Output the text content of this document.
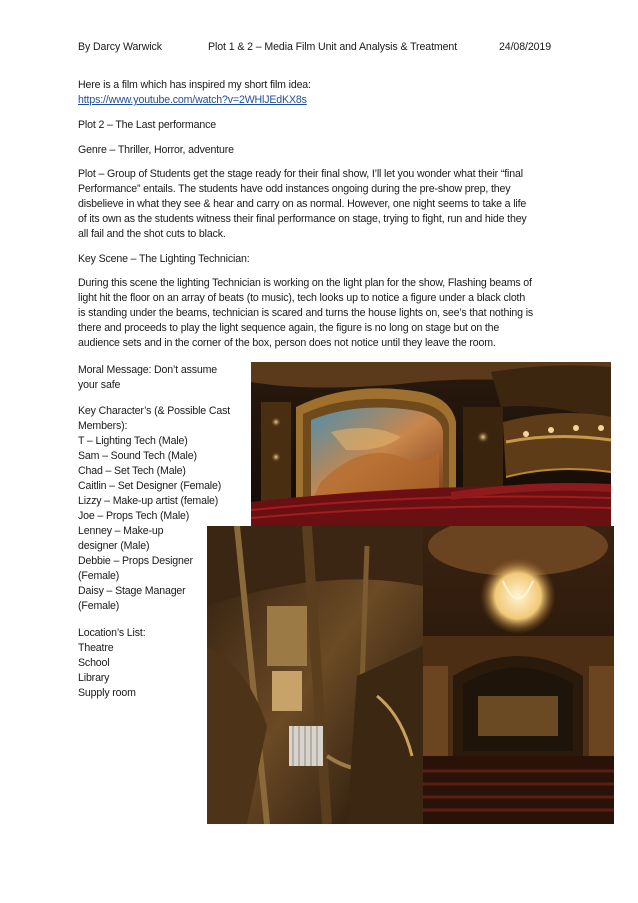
By Darcy Warwick	Plot 1 & 2 – Media Film Unit and Analysis & Treatment	24/08/2019
Here is a film which has inspired my short film idea:
https://www.youtube.com/watch?v=2WHlJEdKX8s
Plot 2 – The Last performance
Genre – Thriller, Horror, adventure
Plot – Group of Students get the stage ready for their final show, I’ll let you wonder what their “final
Performance” entails. The students have odd instances ongoing during the pre-show prep, they
disbelieve in what they see & hear and carry on as normal. However, one night seems to take a life
of its own as the students witness their final performance on stage, trying to fight, run and hide they
all fail and the shot cuts to black.
Key Scene – The Lighting Technician:
During this scene the lighting Technician is working on the light plan for the show, Flashing beams of
light hit the floor on an array of beats (to music), tech looks up to notice a figure under a black cloth
is standing under the beams, technician is scared and turns the house lights on, see’s that nothing is
there and proceeds to play the light sequence again, the figure is no long on stage but on the
audience sets and in the corner of the box, person does not notice until they leave the room.
Moral Message: Don’t assume
your safe
Key Character’s (& Possible Cast
Members):
T – Lighting Tech (Male)
Sam – Sound Tech (Male)
Chad – Set Tech (Male)
Caitlin – Set Designer (Female)
Lizzy – Make-up artist (female)
Joe – Props Tech (Male)
Lenney – Make-up
designer (Male)
Debbie – Props Designer
(Female)
Daisy – Stage Manager
(Female)
Location’s List:
Theatre
School
Library
Supply room
